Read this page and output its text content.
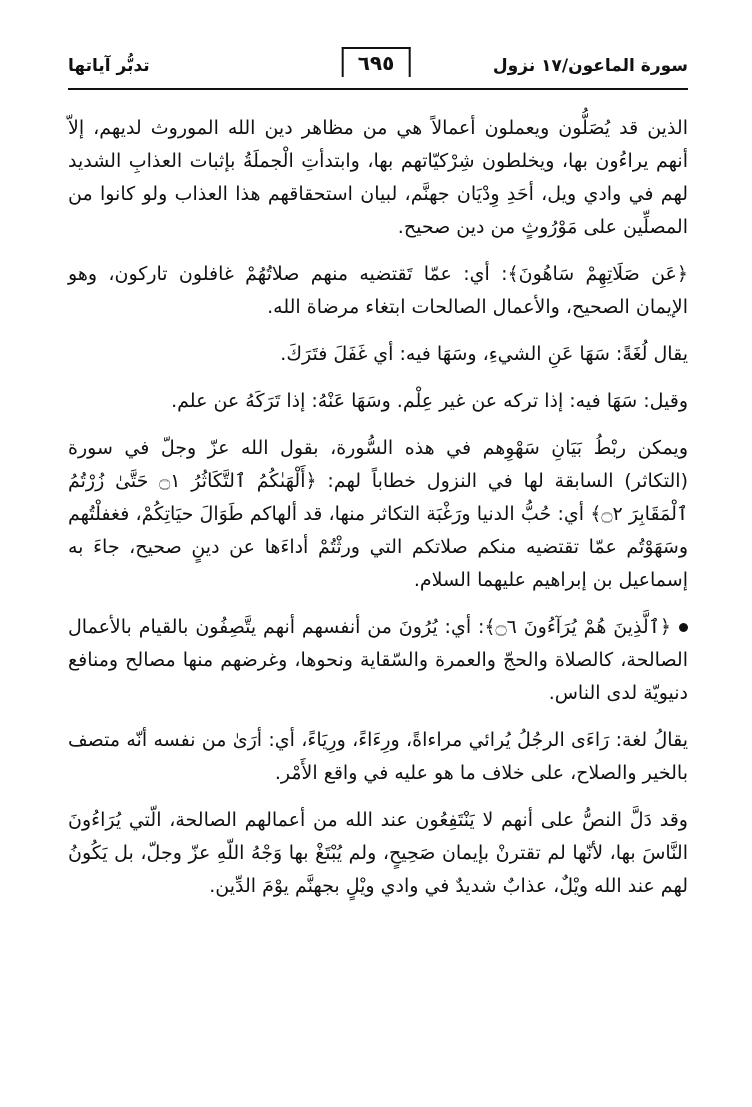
سورة الماعون/١٧ نزول
تدبُّر آياتها	٦٩٥

الذين قد يُصَلُّون ويعملون أعمالاً هي من مظاهر دين الله الموروث لديهم، إلاّ أنهم يراءُون بها، ويخلطون شِرْكيّاتهم بها، وابتدأتِ الْجملَةُ بإثبات العذابِ الشديد لهم في وادي ويل، أحَدِ وِدْيَان جهنَّم، لبيان استحقاقهم هذا العذاب ولو كانوا من المصلِّين على مَوْرُوثٍ من دين صحيح.

﴿عَن صَلَاتِهِمْ سَاهُونَ﴾: أي: عمّا تَقتضيه منهم صلاتُهُمْ غافلون تاركون، وهو الإيمان الصحيح، والأعمال الصالحات ابتغاء مرضاة الله.

يقال لُغَةً: سَهَا عَنِ الشيءِ، وسَهَا فيه: أي غَفَلَ فتَرَكَ.

وقيل: سَهَا فيه: إذا تركه عن غير عِلْم. وسَهَا عَنْهُ: إذا تَرَكَهُ عن علم.

ويمكن ربْطُ بَيَانِ سَهْوِهم في هذه السُّورة، بقول الله عزّ وجلّ في سورة (التكاثر) السابقة لها في النزول خطاباً لهم: ﴿أَلْهَىٰكُمُ ٱلتَّكَاثُرُ ۝١ حَتَّىٰ زُرْتُمُ ٱلْمَقَابِرَ ۝٢﴾ أي: حُبُّ الدنيا ورَغْبَة التكاثر منها، قد ألهاكم طَوَالَ حيَاتِكُمْ، فغفلْتُهم وسَهَوْتُم عمّا تقتضيه منكم صلاتكم التي ورثْتُمْ أداءَها عن دينٍ صحيح، جاءَ به إسماعيل بن إبراهيم عليهما السلام.

﴿ٱلَّذِينَ هُمْ يُرَآءُونَ ۝٦﴾: أي: يُرُونَ من أنفسهم أنهم يتَّصِفُون بالقيام بالأعمال الصالحة، كالصلاة والحجّ والعمرة والسّقاية ونحوها، وغرضهم منها مصالح ومنافع دنيويّة لدى الناس.

يقالُ لغة: رَاءَى الرجُلُ يُرائي مراءاةً، ورِءَاءً، ورِيَاءً، أي: أرَىٰ من نفسه أنّه متصف بالخير والصلاح، على خلاف ما هو عليه في واقع الأَمْر.

وقد دَلَّ النصُّ على أنهم لا يَنْتَفِعُون عند الله من أعمالهم الصالحة، الّتي يُرَاءُونَ النَّاسَ بها، لأنّها لم تقترنْ بإيمان صَحِيحٍ، ولم يُبْتَغْ بها وَجْهُ اللّهِ عزّ وجلّ، بل يَكُونُ لهم عند الله ويْلٌ، عذابٌ شديدٌ في وادي ويْلٍ بجهنَّم يوْمَ الدِّين.
